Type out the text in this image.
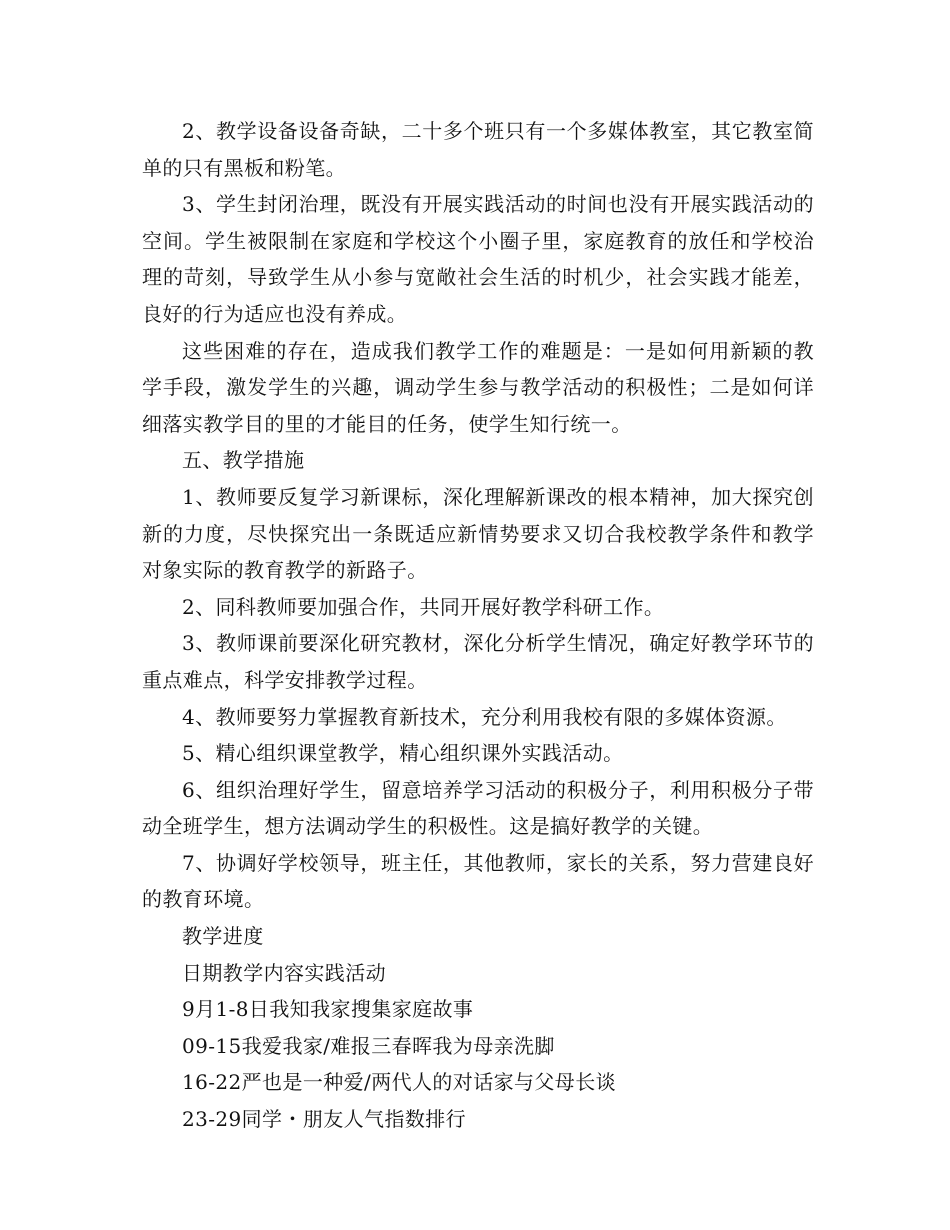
2、教学设备设备奇缺，二十多个班只有一个多媒体教室，其它教室简单的只有黑板和粉笔。

3、学生封闭治理，既没有开展实践活动的时间也没有开展实践活动的空间。学生被限制在家庭和学校这个小圈子里，家庭教育的放任和学校治理的苛刻，导致学生从小参与宽敞社会生活的时机少，社会实践才能差，良好的行为适应也没有养成。

这些困难的存在，造成我们教学工作的难题是：一是如何用新颖的教学手段，激发学生的兴趣，调动学生参与教学活动的积极性；二是如何详细落实教学目的里的才能目的任务，使学生知行统一。

五、教学措施

1、教师要反复学习新课标，深化理解新课改的根本精神，加大探究创新的力度，尽快探究出一条既适应新情势要求又切合我校教学条件和教学对象实际的教育教学的新路子。

2、同科教师要加强合作，共同开展好教学科研工作。

3、教师课前要深化研究教材，深化分析学生情况，确定好教学环节的重点难点，科学安排教学过程。

4、教师要努力掌握教育新技术，充分利用我校有限的多媒体资源。

5、精心组织课堂教学，精心组织课外实践活动。

6、组织治理好学生，留意培养学习活动的积极分子，利用积极分子带动全班学生，想方法调动学生的积极性。这是搞好教学的关键。

7、协调好学校领导，班主任，其他教师，家长的关系，努力营建良好的教育环境。

教学进度

日期教学内容实践活动

9月1-8日我知我家搜集家庭故事

09-15我爱我家/难报三春晖我为母亲洗脚

16-22严也是一种爱/两代人的对话家与父母长谈

23-29同学・朋友人气指数排行
